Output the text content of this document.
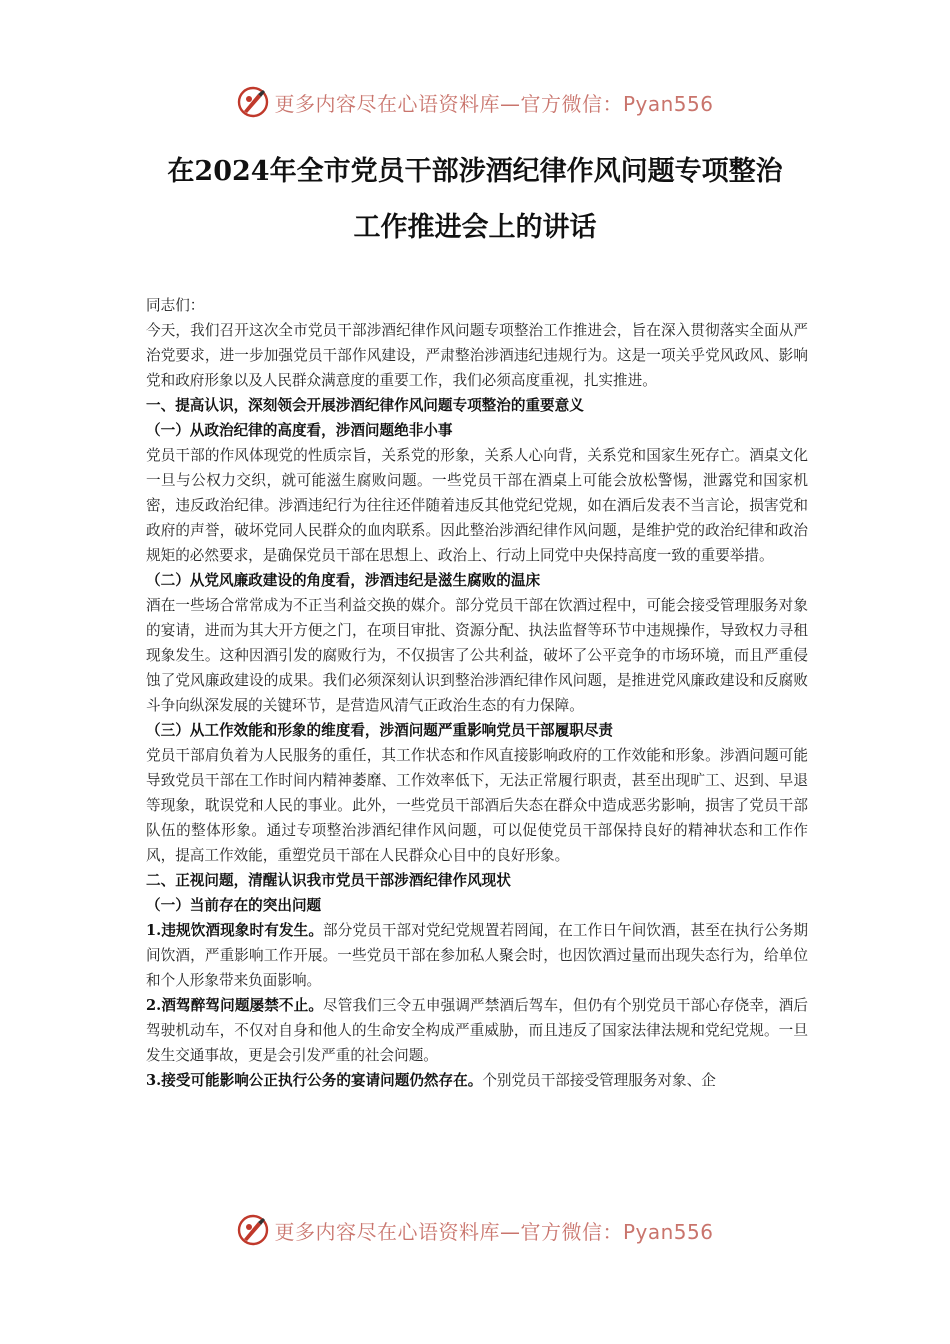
更多内容尽在心语资料库—官方微信：Pyan556
在2024年全市党员干部涉酒纪律作风问题专项整治
工作推进会上的讲话

同志们：

今天，我们召开这次全市党员干部涉酒纪律作风问题专项整治工作推进会，旨在深入贯彻落实全面从严治党要求，进一步加强党员干部作风建设，严肃整治涉酒违纪违规行为。这是一项关乎党风政风、影响党和政府形象以及人民群众满意度的重要工作，我们必须高度重视，扎实推进。

一、提高认识，深刻领会开展涉酒纪律作风问题专项整治的重要意义

（一）从政治纪律的高度看，涉酒问题绝非小事

党员干部的作风体现党的性质宗旨，关系党的形象，关系人心向背，关系党和国家生死存亡。酒桌文化一旦与公权力交织，就可能滋生腐败问题。一些党员干部在酒桌上可能会放松警惕，泄露党和国家机密，违反政治纪律。涉酒违纪行为往往还伴随着违反其他党纪党规，如在酒后发表不当言论，损害党和政府的声誉，破坏党同人民群众的血肉联系。因此整治涉酒纪律作风问题，是维护党的政治纪律和政治规矩的必然要求，是确保党员干部在思想上、政治上、行动上同党中央保持高度一致的重要举措。

（二）从党风廉政建设的角度看，涉酒违纪是滋生腐败的温床

酒在一些场合常常成为不正当利益交换的媒介。部分党员干部在饮酒过程中，可能会接受管理服务对象的宴请，进而为其大开方便之门，在项目审批、资源分配、执法监督等环节中违规操作，导致权力寻租现象发生。这种因酒引发的腐败行为，不仅损害了公共利益，破坏了公平竞争的市场环境，而且严重侵蚀了党风廉政建设的成果。我们必须深刻认识到整治涉酒纪律作风问题，是推进党风廉政建设和反腐败斗争向纵深发展的关键环节，是营造风清气正政治生态的有力保障。

（三）从工作效能和形象的维度看，涉酒问题严重影响党员干部履职尽责

党员干部肩负着为人民服务的重任，其工作状态和作风直接影响政府的工作效能和形象。涉酒问题可能导致党员干部在工作时间内精神萎靡、工作效率低下，无法正常履行职责，甚至出现旷工、迟到、早退等现象，耽误党和人民的事业。此外，一些党员干部酒后失态在群众中造成恶劣影响，损害了党员干部队伍的整体形象。通过专项整治涉酒纪律作风问题，可以促使党员干部保持良好的精神状态和工作作风，提高工作效能，重塑党员干部在人民群众心目中的良好形象。

二、正视问题，清醒认识我市党员干部涉酒纪律作风现状

（一）当前存在的突出问题

1.违规饮酒现象时有发生。部分党员干部对党纪党规置若罔闻，在工作日午间饮酒，甚至在执行公务期间饮酒，严重影响工作开展。一些党员干部在参加私人聚会时，也因饮酒过量而出现失态行为，给单位和个人形象带来负面影响。

2.酒驾醉驾问题屡禁不止。尽管我们三令五申强调严禁酒后驾车，但仍有个别党员干部心存侥幸，酒后驾驶机动车，不仅对自身和他人的生命安全构成严重威胁，而且违反了国家法律法规和党纪党规。一旦发生交通事故，更是会引发严重的社会问题。

3.接受可能影响公正执行公务的宴请问题仍然存在。个别党员干部接受管理服务对象、企

更多内容尽在心语资料库—官方微信：Pyan556
